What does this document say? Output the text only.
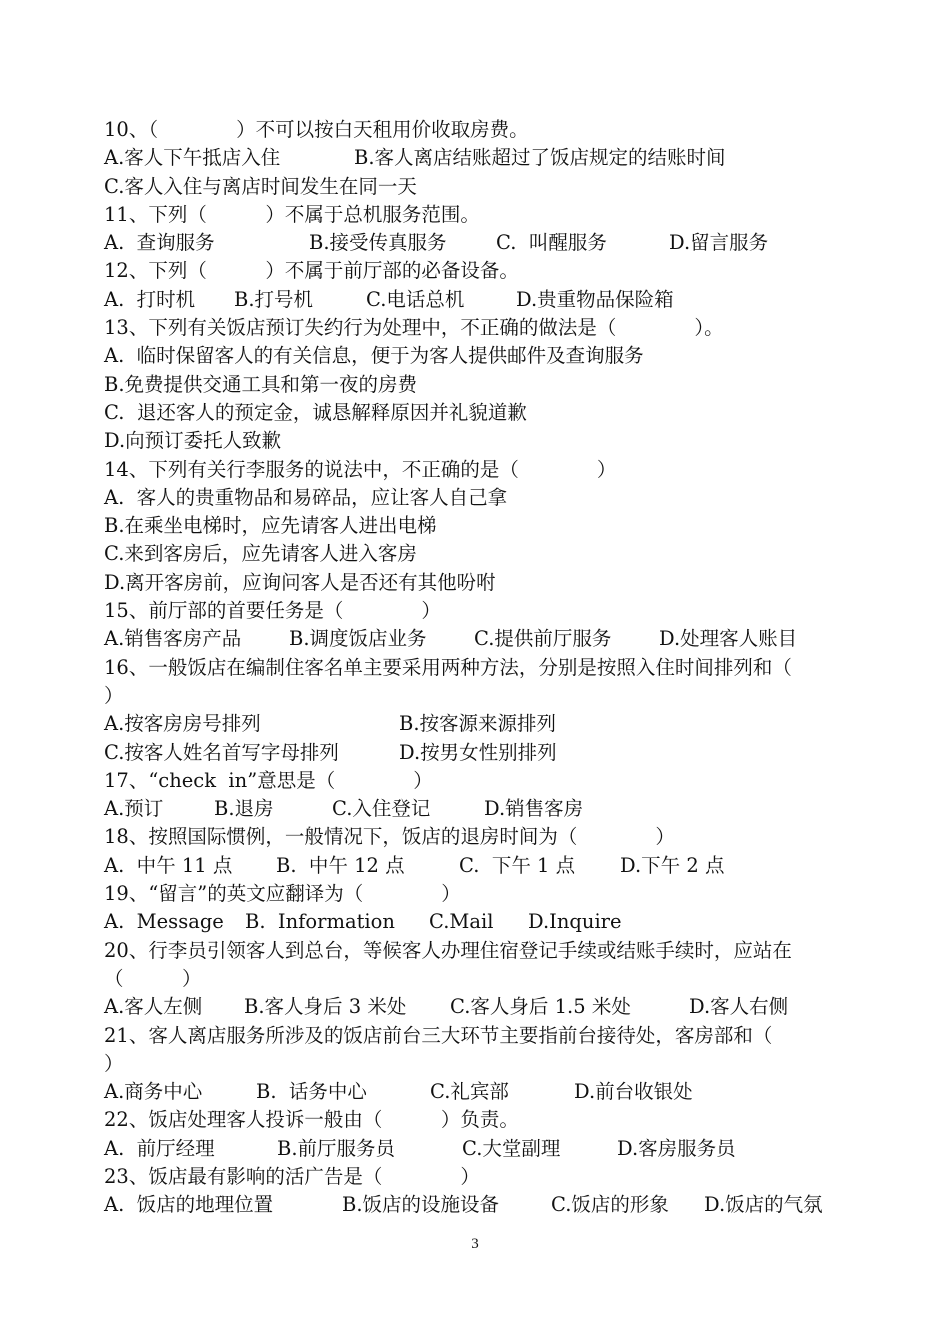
10、（　　　　）不可以按白天租用价收取房费。
A.客人下午抵店入住	B.客人离店结账超过了饭店规定的结账时间
C.客人入住与离店时间发生在同一天
11、下列（　　　）不属于总机服务范围。
A.  查询服务	B.接受传真服务	C.  叫醒服务	D.留言服务
12、下列（　　　）不属于前厅部的必备设备。
A.  打时机 B.打号机	C.电话总机	D.贵重物品保险箱
13、下列有关饭店预订失约行为处理中，不正确的做法是（　　　　）。
A.  临时保留客人的有关信息，便于为客人提供邮件及查询服务
B.免费提供交通工具和第一夜的房费
C.  退还客人的预定金，诚恳解释原因并礼貌道歉
D.向预订委托人致歉
14、下列有关行李服务的说法中，不正确的是（　　　　）
A.  客人的贵重物品和易碎品，应让客人自己拿
B.在乘坐电梯时，应先请客人进出电梯
C.来到客房后，应先请客人进入客房
D.离开客房前，应询问客人是否还有其他吩咐
15、前厅部的首要任务是（　　　　）
A.销售客房产品 B.调度饭店业务 C.提供前厅服务 D.处理客人账目
16、一般饭店在编制住客名单主要采用两种方法，分别是按照入住时间排列和（
）
A.按客房房号排列	B.按客源来源排列
C.按客人姓名首写字母排列	D.按男女性别排列
17、“check  in”意思是（　　　　）
A.预订	B.退房	C.入住登记	D.销售客房
18、按照国际惯例，一般情况下，饭店的退房时间为（　　　　）
A.  中午 11 点 B.  中午 12 点	C.  下午 1 点 D.下午 2 点
19、“留言”的英文应翻译为（　　　　）
A.  Message B.  Information C.Mail D.Inquire
20、行李员引领客人到总台，等候客人办理住宿登记手续或结账手续时，应站在
（　　　）
A.客人左侧 B.客人身后 3 米处 C.客人身后 1.5 米处	D.客人右侧
21、客人离店服务所涉及的饭店前台三大环节主要指前台接待处，客房部和（
）
A.商务中心	B.  话务中心	C.礼宾部	D.前台收银处
22、饭店处理客人投诉一般由（　　　）负责。
A.  前厅经理	B.前厅服务员	C.大堂副理	D.客房服务员
23、饭店最有影响的活广告是（　　　　）
A.  饭店的地理位置	B.饭店的设施设备	C.饭店的形象 D.饭店的气氛
3
